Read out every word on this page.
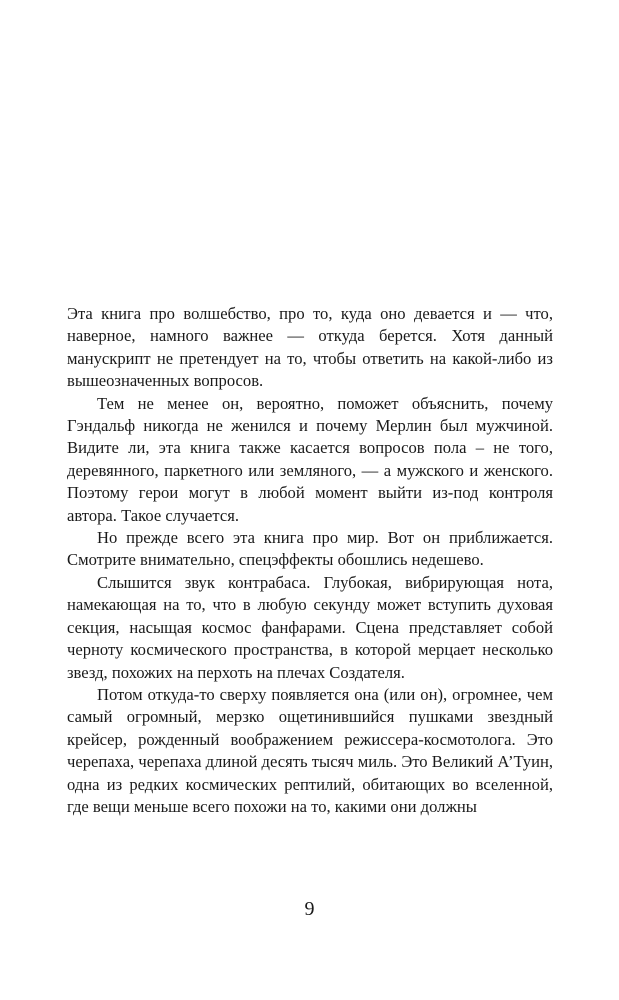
Эта книга про волшебство, про то, куда оно девается и — что, наверное, намного важнее — откуда берется. Хотя данный манускрипт не претендует на то, чтобы ответить на какой-либо из вышеозначенных вопросов.

Тем не менее он, вероятно, поможет объяснить, почему Гэндальф никогда не женился и почему Мерлин был мужчиной. Видите ли, эта книга также касается вопросов пола – не того, деревянного, паркетного или земляного, — а мужского и женского. Поэтому герои могут в любой момент выйти из-под контроля автора. Такое случается.

Но прежде всего эта книга про мир. Вот он приближается. Смотрите внимательно, спецэффекты обошлись недешево.

Слышится звук контрабаса. Глубокая, вибрирующая нота, намекающая на то, что в любую секунду может вступить духовая секция, насыщая космос фанфарами. Сцена представляет собой черноту космического пространства, в которой мерцает несколько звезд, похожих на перхоть на плечах Создателя.

Потом откуда-то сверху появляется она (или он), огромнее, чем самый огромный, мерзко ощетинившийся пушками звездный крейсер, рожденный воображением режиссера-космотолога. Это черепаха, черепаха длиной десять тысяч миль. Это Великий А’Туин, одна из редких космических рептилий, обитающих во вселенной, где вещи меньше всего похожи на то, какими они должны

9
